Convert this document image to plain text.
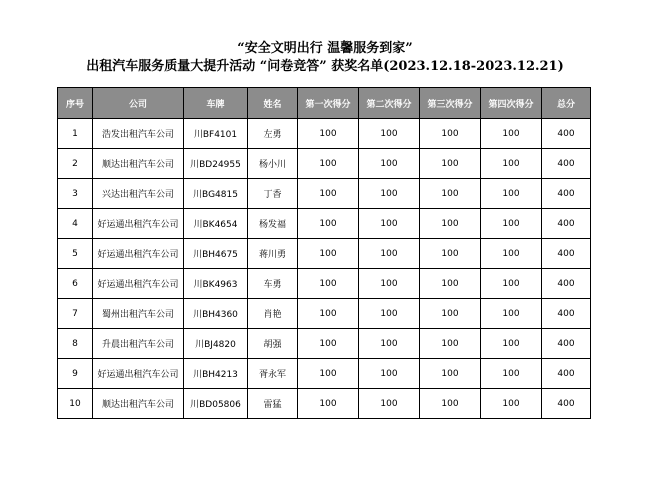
“安全文明出行 温馨服务到家”
出租汽车服务质量大提升活动 “问卷竞答” 获奖名单(2023.12.18-2023.12.21)
序号	公司	车牌	姓名	第一次得分	第二次得分	第三次得分	第四次得分	总分
1	浩发出租汽车公司	川BF4101	左勇	100	100	100	100	400
2	顺达出租汽车公司	川BD24955	杨小川	100	100	100	100	400
3	兴达出租汽车公司	川BG4815	丁香	100	100	100	100	400
4	好运通出租汽车公司	川BK4654	杨发福	100	100	100	100	400
5	好运通出租汽车公司	川BH4675	蒋川勇	100	100	100	100	400
6	好运通出租汽车公司	川BK4963	车勇	100	100	100	100	400
7	蜀州出租汽车公司	川BH4360	肖艳	100	100	100	100	400
8	升晨出租汽车公司	川BJ4820	胡强	100	100	100	100	400
9	好运通出租汽车公司	川BH4213	胥永军	100	100	100	100	400
10	顺达出租汽车公司	川BD05806	雷猛	100	100	100	100	400
